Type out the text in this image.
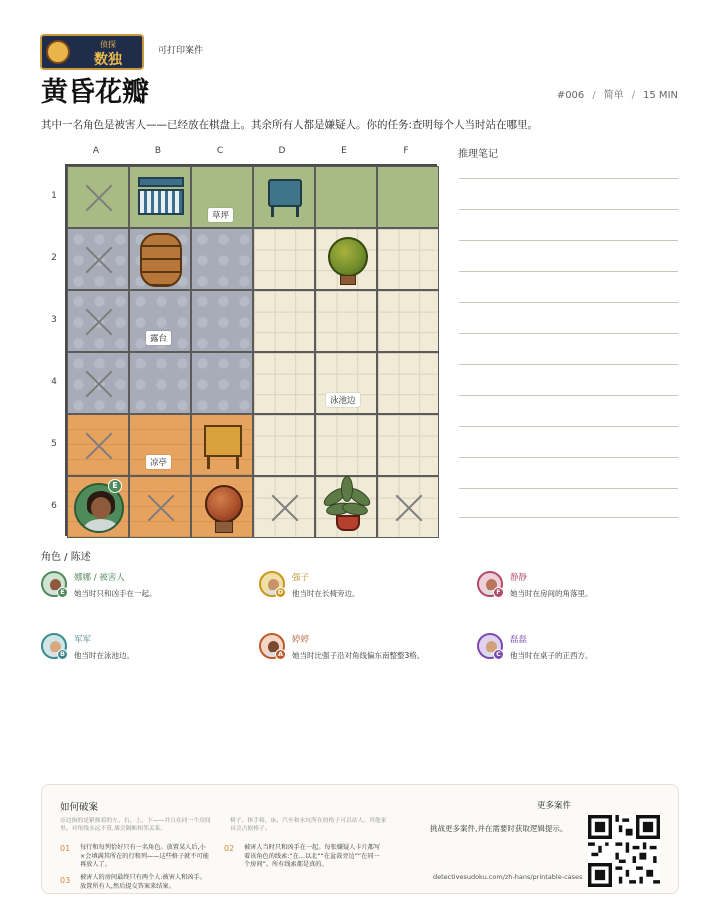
侦探
数独
可打印案件
黄昏花瓣	#006 / 简单 / 15 MIN
其中一名角色是被害人——已经放在棋盘上。其余所有人都是嫌疑人。你的任务:查明每个人当时站在哪里。
A	B	C	D	E	F
1
2
3
4
5
6
E
草坪
露台
泳池边
凉亭
推理笔记
角色 / 陈述
E
娜娜 / 被害人
她当时只和凶手在一起。	D
强子
他当时在长椅旁边。	F
静静
她当时在房间的角落里。
B
军军
他当时在泳池边。	A
婷婷
她当时比强子沿对角线偏东南整整3格。	C
磊磊
他当时在桌子的正西方。
如何破案
旁边指的是紧挨着的左、右、上、下——并且在同一个房间里。对角线永远不算,墙会隔断相邻关系。
椅子、休手椅、床、汽车和水坑所在的格子可以站人。其他家具会占据格子。
01 每行和每列恰好只有一名角色。放置某人后,小×会填满其所在的行和列——这些格子就不可能再放人了。
02 被害人当时只和凶手在一起。每张嫌疑人卡片都写着该角色的线索:“在…以北”“在盆栽旁边”“在同一个房间”。所有线索都是真的。
03 被害人的房间最终只有两个人:被害人和凶手。放置所有人,然后提交答案来结案。
更多案件
挑战更多案件,并在需要时获取逻辑提示。
detectivesudoku.com/zh-hans/printable-cases
